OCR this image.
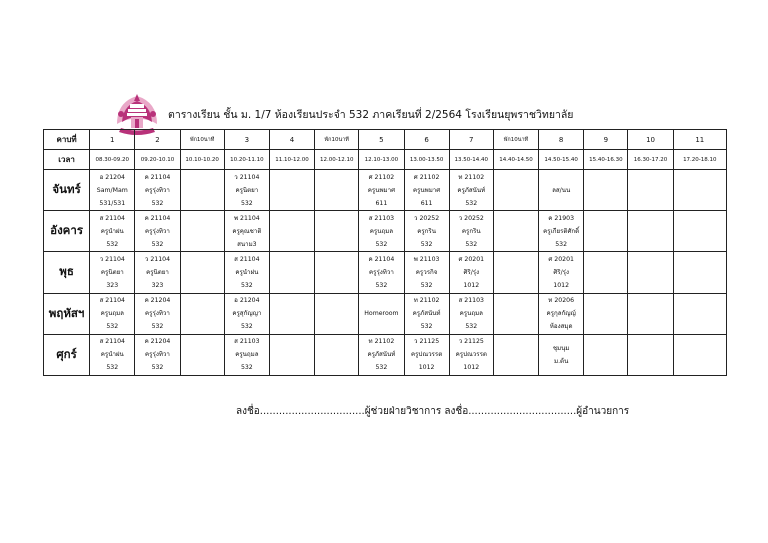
ตารางเรียน ชั้น ม. 1/7 ห้องเรียนประจำ 532 ภาคเรียนที่ 2/2564 โรงเรียนยุพราชวิทยาลัย
คาบที่	1	2	พัก10นาที	3	4	พัก10นาที	5	6	7	พัก10นาที	8	9	10	11
เวลา	08.30-09.20	09.20-10.10	10.10-10.20	10.20-11.10	11.10-12.00	12.00-12.10	12.10-13.00	13.00-13.50	13.50-14.40	14.40-14.50	14.50-15.40	15.40-16.30	16.30-17.20	17.20-18.10
จันทร์	อ 21204
Sam/Mam
531/531	ค 21104
ครูรุ่งทิวา
532		ว 21104
ครูนิตยา
532			ศ 21102
ครูนพมาศ
611	ศ 21102
ครูนพมาศ
611	ท 21102
ครูภัสนันท์
532		ลส/นน			

อังคาร	ส 21104
ครูนำฝน
532	ค 21104
ครูรุ่งทิวา
532		พ 21104
ครูคุณชาติ
สนาม3			ส 21103
ครูนฤมล
532	ว 20252
ครูกริน
532	ว 20252
ครูกริน
532		ค 21903
ครูเกียรติศักดิ์
532			

พุธ	ว 21104
ครูนิตยา
323	ว 21104
ครูนิตยา
323		ส 21104
ครูนำฝน
532			ค 21104
ครูรุ่งทิวา
532	พ 21103
ครูวรกิจ
532	ศ 20201
ศิริ/รุ่ง
1012		ศ 20201
ศิริ/รุ่ง
1012			

พฤหัสฯ	ส 21104
ครูนฤมล
532	ค 21204
ครูรุ่งทิวา
532		อ 21204
ครูสุกัญญา
532			Homeroom	ท 21102
ครูภัสนันท์
532	ส 21103
ครูนฤมล
532		ท 20206
ครูกุลกัญญ์
ห้องสมุด			

ศุกร์	ส 21104
ครูนำฝน
532	ค 21204
ครูรุ่งทิวา
532		ส 21103
ครูนฤมล
532			ท 21102
ครูภัสนันท์
532	ว 21125
ครูปณวรรต
1012	ว 21125
ครูปณวรรต
1012		ชุมนุม
ม.ต้น			

ลงชื่อ.................................ผู้ช่วยฝ่ายวิชาการ ลงชื่อ..................................ผู้อำนวยการ
